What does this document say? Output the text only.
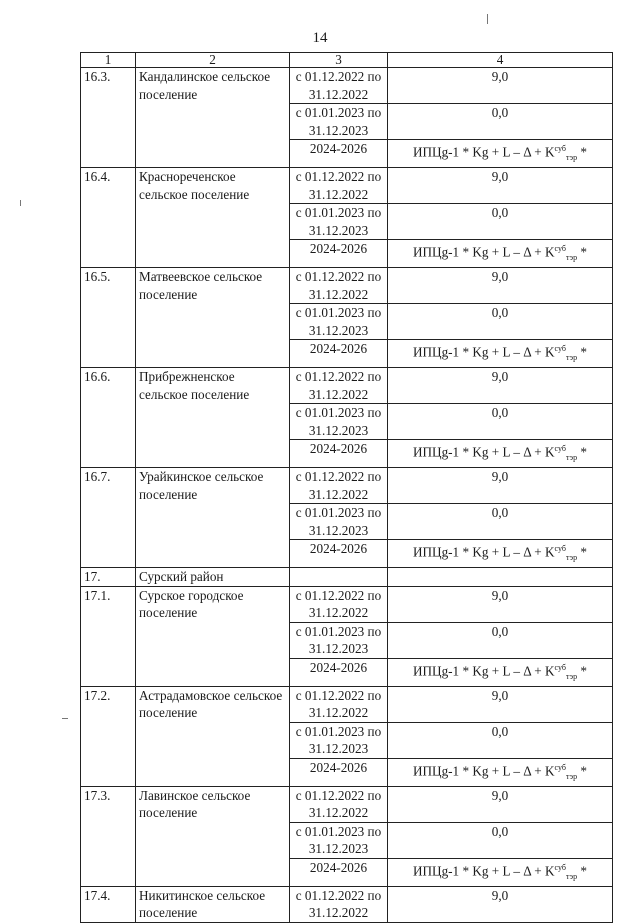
14
1	2	3	4
16.3.	Кандалинское сельское поселение	с 01.12.2022 по 31.12.2022	9,0
		с 01.01.2023 по 31.12.2023	0,0
		2024-2026	ИПЦg-1 * $Kg + L - \Delta + K^{суб}_{тэр}$ *
16.4.	Краснореченское сельское поселение	с 01.12.2022 по 31.12.2022	9,0
		с 01.01.2023 по 31.12.2023	0,0
		2024-2026	ИПЦg-1 * $Kg + L - \Delta + K^{суб}_{тэр}$ *
16.5.	Матвеевское сельское поселение	с 01.12.2022 по 31.12.2022	9,0
		с 01.01.2023 по 31.12.2023	0,0
		2024-2026	ИПЦg-1 * $Kg + L - \Delta + K^{суб}_{тэр}$ *
16.6.	Прибрежненское сельское поселение	с 01.12.2022 по 31.12.2022	9,0
		с 01.01.2023 по 31.12.2023	0,0
		2024-2026	ИПЦg-1 * $Kg + L - \Delta + K^{суб}_{тэр}$ *
16.7.	Урайкинское сельское поселение	с 01.12.2022 по 31.12.2022	9,0
		с 01.01.2023 по 31.12.2023	0,0
		2024-2026	ИПЦg-1 * $Kg + L - \Delta + K^{суб}_{тэр}$ *
17.	Сурский район		
17.1.	Сурское городское поселение	с 01.12.2022 по 31.12.2022	9,0
		с 01.01.2023 по 31.12.2023	0,0
		2024-2026	ИПЦg-1 * $Kg + L - \Delta + K^{суб}_{тэр}$ *
17.2.	Астрадамовское сельское поселение	с 01.12.2022 по 31.12.2022	9,0
		с 01.01.2023 по 31.12.2023	0,0
		2024-2026	ИПЦg-1 * $Kg + L - \Delta + K^{суб}_{тэр}$ *
17.3.	Лавинское сельское поселение	с 01.12.2022 по 31.12.2022	9,0
		с 01.01.2023 по 31.12.2023	0,0
		2024-2026	ИПЦg-1 * $Kg + L - \Delta + K^{суб}_{тэр}$ *
17.4.	Никитинское сельское поселение	с 01.12.2022 по 31.12.2022	9,0
